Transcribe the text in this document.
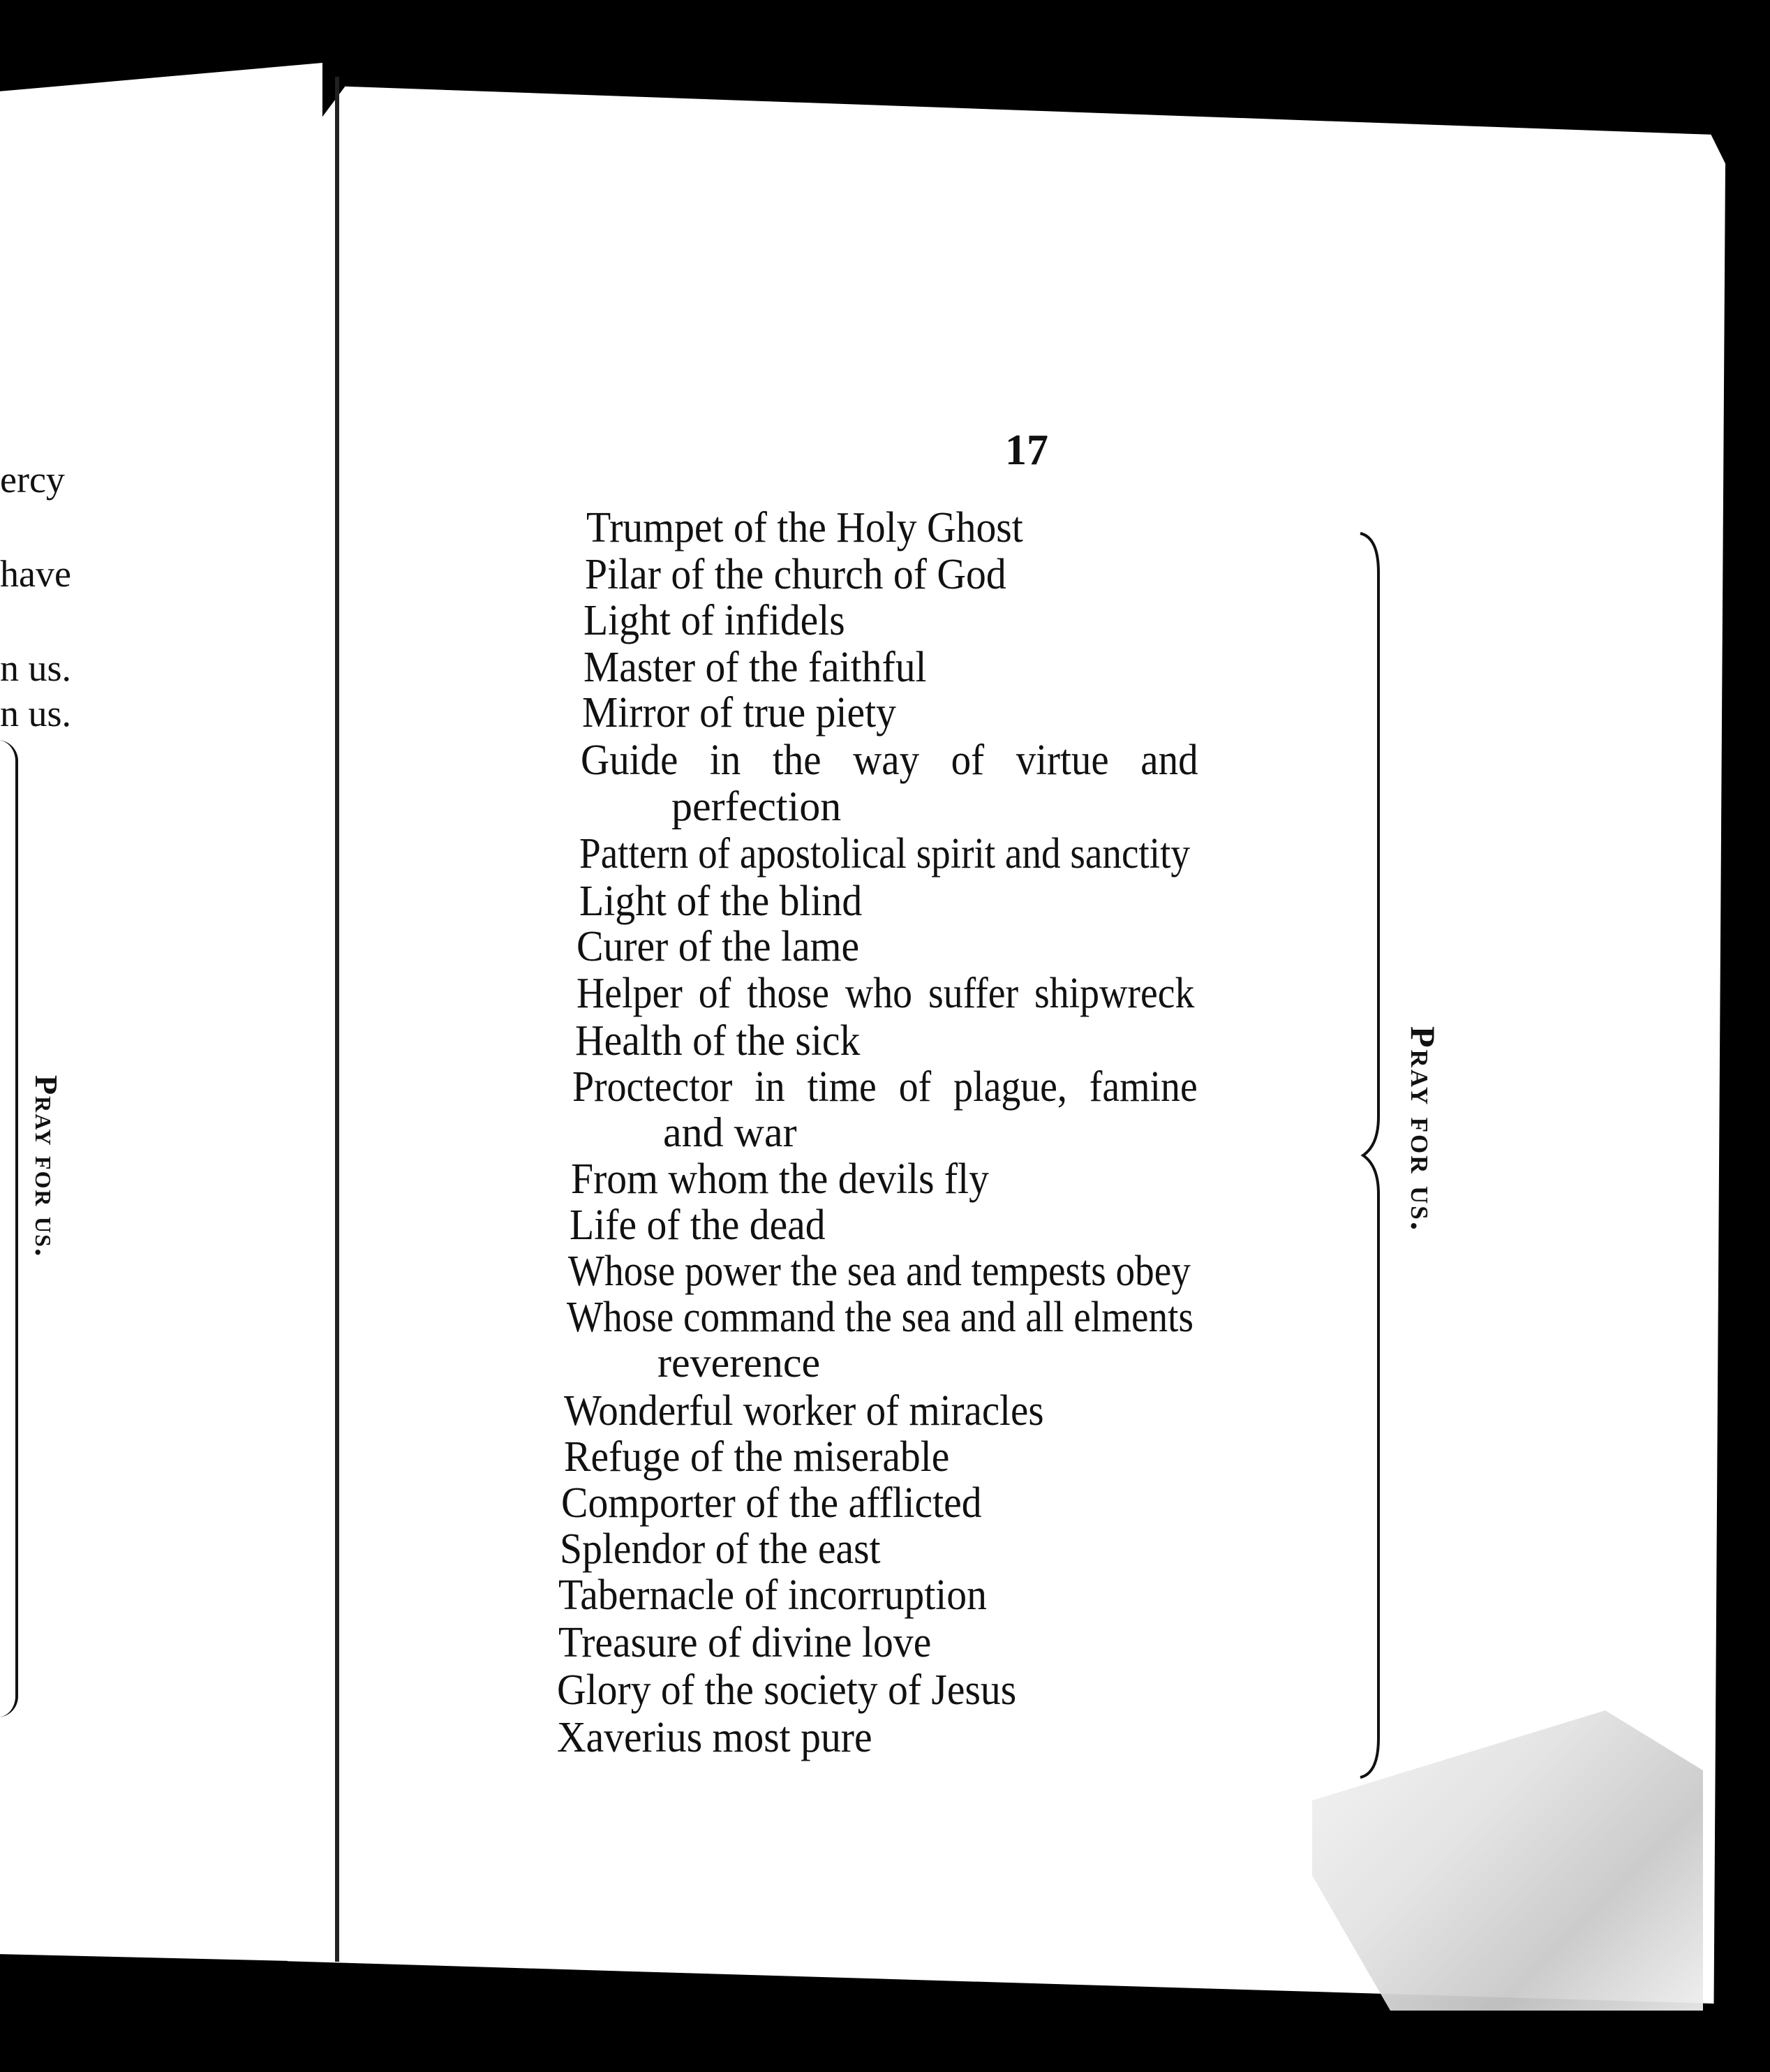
ercy
have
n us.
n us.
Pray for us.
17
Trumpet of the Holy Ghost
Pilar of the church of God
Light of infidels
Master of the faithful
Mirror of true piety
Guide in the way of virtue and
perfection
Pattern of apostolical spirit and sanctity
Light of the blind
Curer of the lame
Helper of those who suffer shipwreck
Health of the sick
Proctector in time of plague, famine
and war
From whom the devils fly
Life of the dead
Whose power the sea and tempests obey
Whose command the sea and all elments
reverence
Wonderful worker of miracles
Refuge of the miserable
Comporter of the afflicted
Splendor of the east
Tabernacle of incorruption
Treasure of divine love
Glory of the society of Jesus
Xaverius most pure
Pray for us.
